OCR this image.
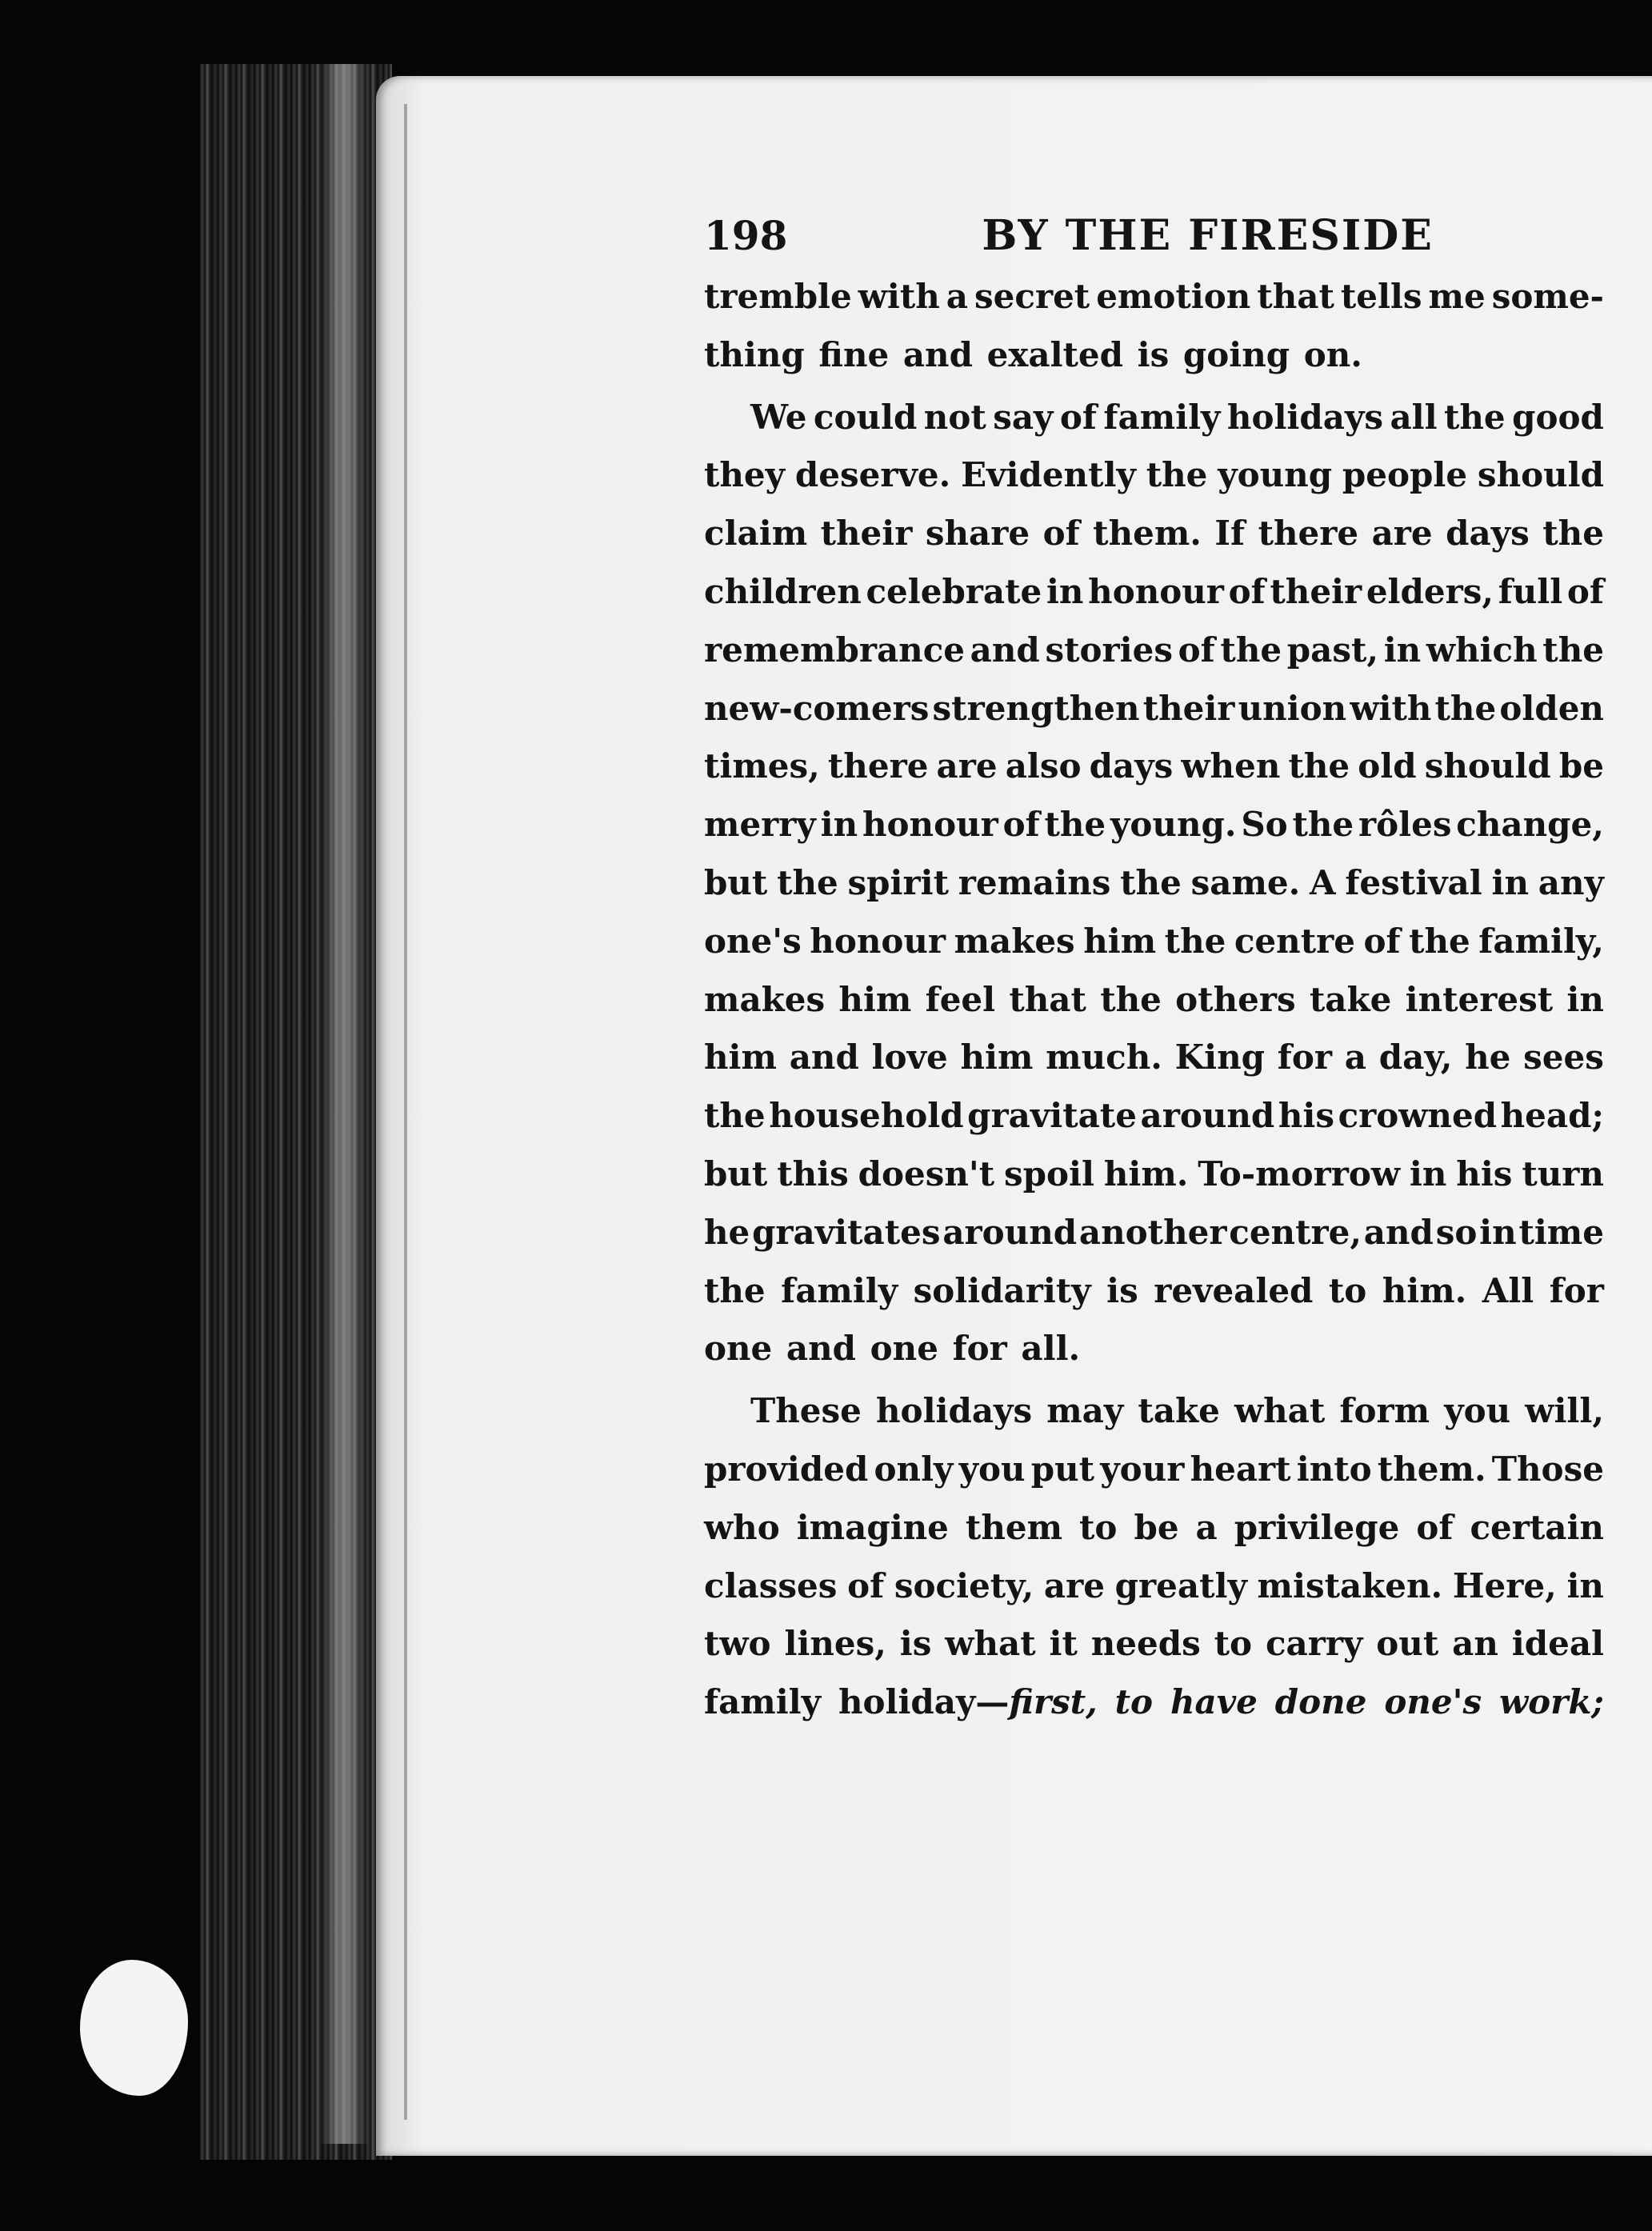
198	BY THE FIRESIDE
tremble with a secret emotion that tells me some-
thing fine and exalted is going on.
We could not say of family holidays all the good
they deserve. Evidently the young people should
claim their share of them. If there are days the
children celebrate in honour of their elders, full of
remembrance and stories of the past, in which the
new-comers strengthen their union with the olden
times, there are also days when the old should be
merry in honour of the young. So the rôles change,
but the spirit remains the same. A festival in any
one's honour makes him the centre of the family,
makes him feel that the others take interest in
him and love him much. King for a day, he sees
the household gravitate around his crowned head;
but this doesn't spoil him. To-morrow in his turn
he gravitates around another centre, and so in time
the family solidarity is revealed to him. All for
one and one for all.
These holidays may take what form you will,
provided only you put your heart into them. Those
who imagine them to be a privilege of certain
classes of society, are greatly mistaken. Here, in
two lines, is what it needs to carry out an ideal
family holiday—first, to have done one's work;
